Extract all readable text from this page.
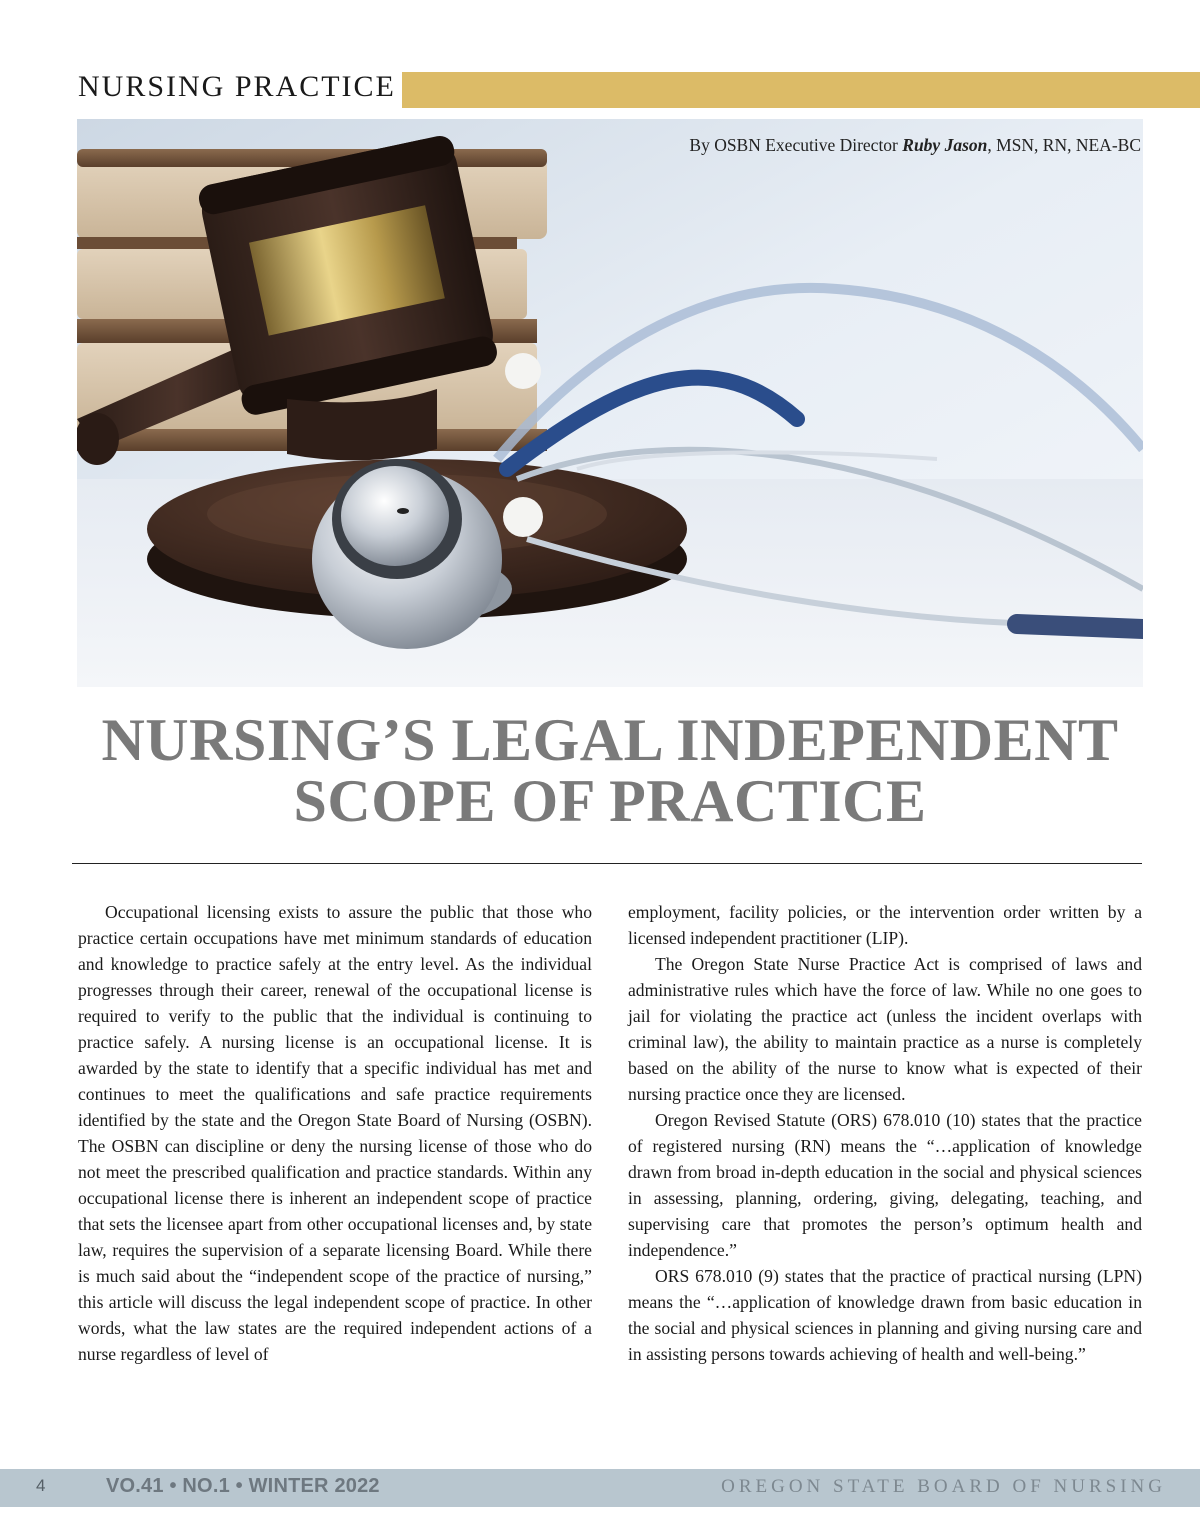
NURSING PRACTICE
By OSBN Executive Director Ruby Jason, MSN, RN, NEA-BC
NURSING’S LEGAL INDEPENDENT
SCOPE OF PRACTICE

Occupational licensing exists to assure the public that those who practice certain occupations have met minimum standards of education and knowledge to practice safely at the entry level. As the individual progresses through their career, renewal of the occupational license is required to verify to the public that the individual is continuing to practice safely. A nursing license is an occupational license. It is awarded by the state to identify that a specific individual has met and continues to meet the qualifications and safe practice requirements identified by the state and the Oregon State Board of Nursing (OSBN). The OSBN can discipline or deny the nursing license of those who do not meet the prescribed qualification and practice standards. Within any occupational license there is inherent an independent scope of practice that sets the licensee apart from other occupational licenses and, by state law, requires the supervision of a separate licensing Board. While there is much said about the “independent scope of the practice of nursing,” this article will discuss the legal independent scope of practice. In other words, what the law states are the required independent actions of a nurse regardless of level of

employment, facility policies, or the intervention order written by a licensed independent practitioner (LIP).

The Oregon State Nurse Practice Act is comprised of laws and administrative rules which have the force of law. While no one goes to jail for violating the practice act (unless the incident overlaps with criminal law), the ability to maintain practice as a nurse is completely based on the ability of the nurse to know what is expected of their nursing practice once they are licensed.

Oregon Revised Statute (ORS) 678.010 (10) states that the practice of registered nursing (RN) means the “…application of knowledge drawn from broad in-depth education in the social and physical sciences in assessing, planning, ordering, giving, delegating, teaching, and supervising care that promotes the person’s optimum health and independence.”

ORS 678.010 (9) states that the practice of practical nursing (LPN) means the “…application of knowledge drawn from basic education in the social and physical sciences in planning and giving nursing care and in assisting persons towards achieving of health and well-being.”

4	VO.41 • NO.1 • WINTER 2022	OREGON STATE BOARD OF NURSING
